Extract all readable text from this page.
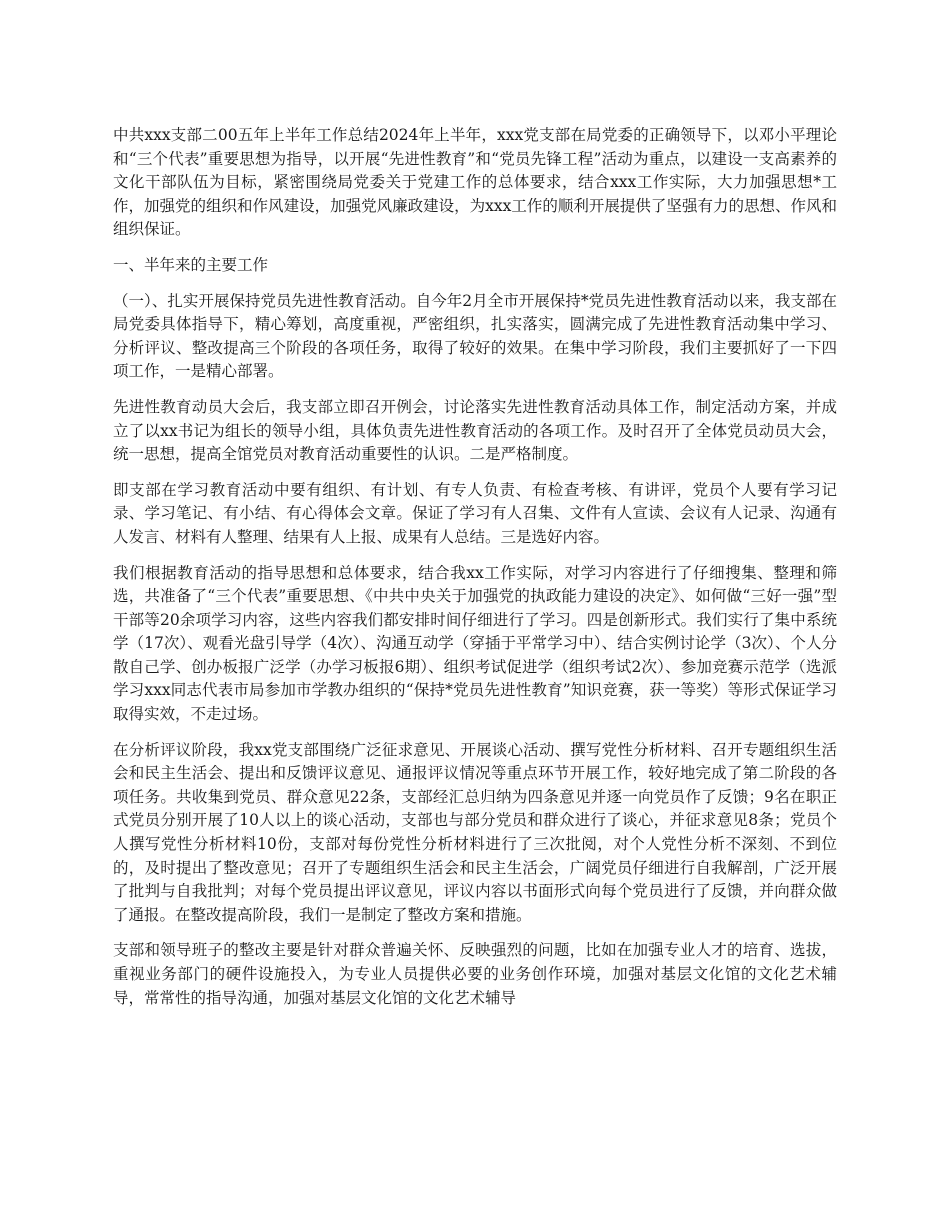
中共xxx支部二00五年上半年工作总结2024年上半年，xxx党支部在局党委的正确领导下，以邓小平理论和“三个代表”重要思想为指导，以开展“先进性教育”和“党员先锋工程”活动为重点，以建设一支高素养的文化干部队伍为目标，紧密围绕局党委关于党建工作的总体要求，结合xxx工作实际，大力加强思想*工作，加强党的组织和作风建设，加强党风廉政建设，为xxx工作的顺利开展提供了坚强有力的思想、作风和组织保证。

一、半年来的主要工作

（一）、扎实开展保持党员先进性教育活动。自今年2月全市开展保持*党员先进性教育活动以来，我支部在局党委具体指导下，精心筹划，高度重视，严密组织，扎实落实，圆满完成了先进性教育活动集中学习、分析评议、整改提高三个阶段的各项任务，取得了较好的效果。在集中学习阶段，我们主要抓好了一下四项工作，一是精心部署。

先进性教育动员大会后，我支部立即召开例会，讨论落实先进性教育活动具体工作，制定活动方案，并成立了以xx书记为组长的领导小组，具体负责先进性教育活动的各项工作。及时召开了全体党员动员大会，统一思想，提高全馆党员对教育活动重要性的认识。二是严格制度。

即支部在学习教育活动中要有组织、有计划、有专人负责、有检查考核、有讲评，党员个人要有学习记录、学习笔记、有小结、有心得体会文章。保证了学习有人召集、文件有人宣读、会议有人记录、沟通有人发言、材料有人整理、结果有人上报、成果有人总结。三是选好内容。

我们根据教育活动的指导思想和总体要求，结合我xx工作实际，对学习内容进行了仔细搜集、整理和筛选，共准备了“三个代表”重要思想、《中共中央关于加强党的执政能力建设的决定》、如何做“三好一强”型干部等20余项学习内容，这些内容我们都安排时间仔细进行了学习。四是创新形式。我们实行了集中系统学（17次）、观看光盘引导学（4次）、沟通互动学（穿插于平常学习中）、结合实例讨论学（3次）、个人分散自己学、创办板报广泛学（办学习板报6期）、组织考试促进学（组织考试2次）、参加竞赛示范学（选派学习xxx同志代表市局参加市学教办组织的“保持*党员先进性教育”知识竞赛，获一等奖）等形式保证学习取得实效，不走过场。

在分析评议阶段，我xx党支部围绕广泛征求意见、开展谈心活动、撰写党性分析材料、召开专题组织生活会和民主生活会、提出和反馈评议意见、通报评议情况等重点环节开展工作，较好地完成了第二阶段的各项任务。共收集到党员、群众意见22条，支部经汇总归纳为四条意见并逐一向党员作了反馈；9名在职正式党员分别开展了10人以上的谈心活动，支部也与部分党员和群众进行了谈心，并征求意见8条；党员个人撰写党性分析材料10份，支部对每份党性分析材料进行了三次批阅，对个人党性分析不深刻、不到位的，及时提出了整改意见；召开了专题组织生活会和民主生活会，广阔党员仔细进行自我解剖，广泛开展了批判与自我批判；对每个党员提出评议意见，评议内容以书面形式向每个党员进行了反馈，并向群众做了通报。在整改提高阶段，我们一是制定了整改方案和措施。

支部和领导班子的整改主要是针对群众普遍关怀、反映强烈的问题，比如在加强专业人才的培育、选拔，重视业务部门的硬件设施投入，为专业人员提供必要的业务创作环境，加强对基层文化馆的文化艺术辅导，常常性的指导沟通，加强对基层文化馆的文化艺术辅导
